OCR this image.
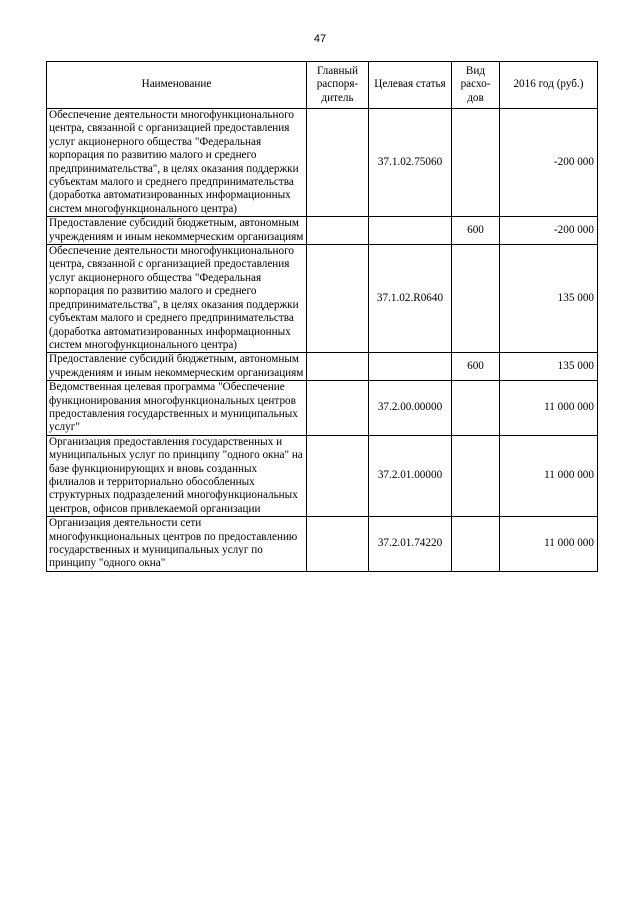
47
Наименование	Главный распоря-дитель	Целевая статья	Вид расхо-дов	2016 год (руб.)
Обеспечение деятельности многофункционального центра, связанной с организацией предоставления услуг акционерного общества "Федеральная корпорация по развитию малого и среднего предпринимательства", в целях оказания поддержки субъектам малого и среднего предпринимательства (доработка автоматизированных информационных систем многофункционального центра)		37.1.02.75060		-200 000
Предоставление субсидий бюджетным, автономным учреждениям и иным некоммерческим организациям			600	-200 000
Обеспечение деятельности многофункционального центра, связанной с организацией предоставления услуг акционерного общества "Федеральная корпорация по развитию малого и среднего предпринимательства", в целях оказания поддержки субъектам малого и среднего предпринимательства (доработка автоматизированных информационных систем многофункционального центра)		37.1.02.R0640		135 000
Предоставление субсидий бюджетным, автономным учреждениям и иным некоммерческим организациям			600	135 000
Ведомственная целевая программа "Обеспечение функционирования многофункциональных центров предоставления государственных и муниципальных услуг"		37.2.00.00000		11 000 000
Организация предоставления государственных и муниципальных услуг по принципу "одного окна" на базе функционирующих и вновь созданных филиалов и территориально обособленных структурных подразделений многофункциональных центров, офисов привлекаемой организации		37.2.01.00000		11 000 000
Организация деятельности сети многофункциональных центров по предоставлению государственных и муниципальных услуг по принципу "одного окна"		37.2.01.74220		11 000 000
